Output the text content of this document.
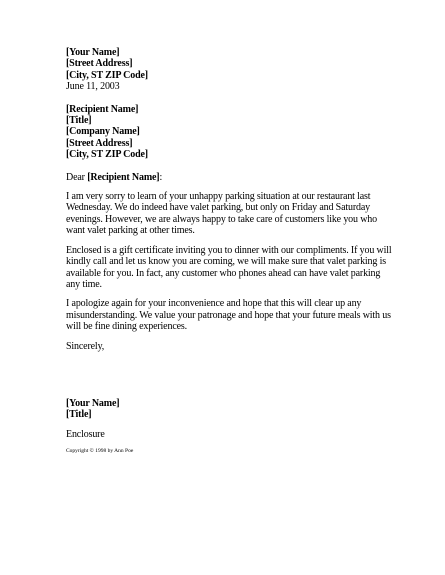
[Your Name]
[Street Address]
[City, ST ZIP Code]
June 11, 2003
[Recipient Name]
[Title]
[Company Name]
[Street Address]
[City, ST ZIP Code]
Dear [Recipient Name]:

I am very sorry to learn of your unhappy parking situation at our restaurant last Wednesday. We do indeed have valet parking, but only on Friday and Saturday evenings. However, we are always happy to take care of customers like you who want valet parking at other times.

Enclosed is a gift certificate inviting you to dinner with our compliments. If you will kindly call and let us know you are coming, we will make sure that valet parking is available for you. In fact, any customer who phones ahead can have valet parking any time.

I apologize again for your inconvenience and hope that this will clear up any misunderstanding. We value your patronage and hope that your future meals with us will be fine dining experiences.

Sincerely,
[Your Name]
[Title]
Enclosure
Copyright © 1998 by Ann Poe
